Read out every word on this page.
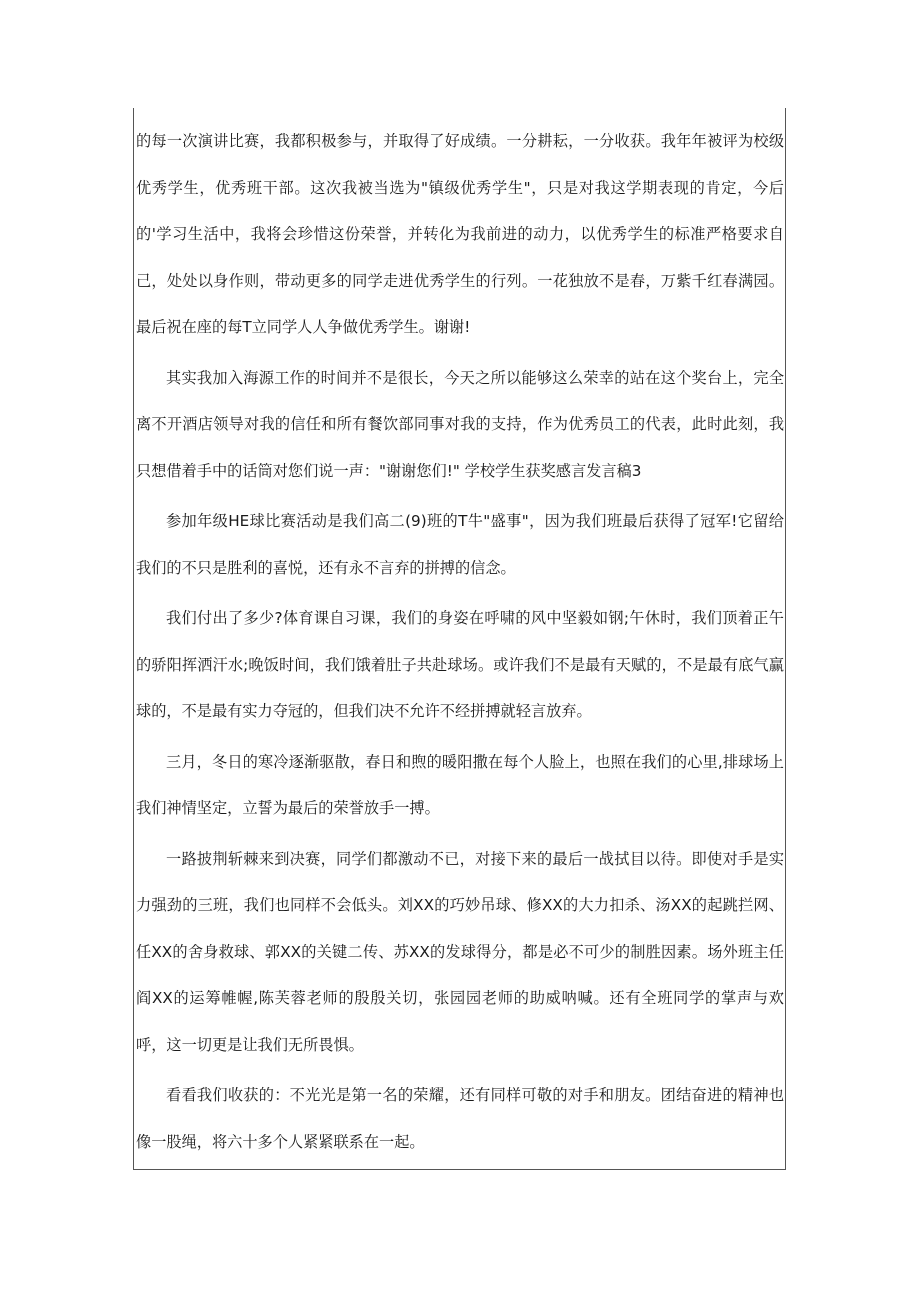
的每一次演讲比赛，我都积极参与，并取得了好成绩。一分耕耘，一分收获。我年年被评为校级优秀学生，优秀班干部。这次我被当选为"镇级优秀学生"，只是对我这学期表现的肯定，今后的'学习生活中，我将会珍惜这份荣誉，并转化为我前进的动力，以优秀学生的标准严格要求自己，处处以身作则，带动更多的同学走进优秀学生的行列。一花独放不是春，万紫千红春满园。最后祝在座的每T立同学人人争做优秀学生。谢谢!

其实我加入海源工作的时间并不是很长，今天之所以能够这么荣幸的站在这个奖台上，完全离不开酒店领导对我的信任和所有餐饮部同事对我的支持，作为优秀员工的代表，此时此刻，我只想借着手中的话筒对您们说一声："谢谢您们!" 学校学生获奖感言发言稿3

参加年级HE球比赛活动是我们高二(9)班的T牛"盛事"，因为我们班最后获得了冠军!它留给我们的不只是胜利的喜悦，还有永不言弃的拼搏的信念。

我们付出了多少?体育课自习课，我们的身姿在呼啸的风中坚毅如钢;午休时，我们顶着正午的骄阳挥洒汗水;晚饭时间，我们饿着肚子共赴球场。或许我们不是最有天赋的，不是最有底气赢球的，不是最有实力夺冠的，但我们决不允许不经拼搏就轻言放弃。

三月，冬日的寒冷逐渐驱散，春日和煦的暖阳撒在每个人脸上，也照在我们的心里,排球场上我们神情坚定，立誓为最后的荣誉放手一搏。

一路披荆斩棘来到决赛，同学们都激动不已，对接下来的最后一战拭目以待。即使对手是实力强劲的三班，我们也同样不会低头。刘XX的巧妙吊球、修XX的大力扣杀、汤XX的起跳拦网、任XX的舍身救球、郭XX的关键二传、苏XX的发球得分，都是必不可少的制胜因素。场外班主任阎XX的运筹帷幄,陈芙蓉老师的殷殷关切，张园园老师的助威呐喊。还有全班同学的掌声与欢呼，这一切更是让我们无所畏惧。

看看我们收获的：不光光是第一名的荣耀，还有同样可敬的对手和朋友。团结奋进的精神也像一股绳，将六十多个人紧紧联系在一起。
